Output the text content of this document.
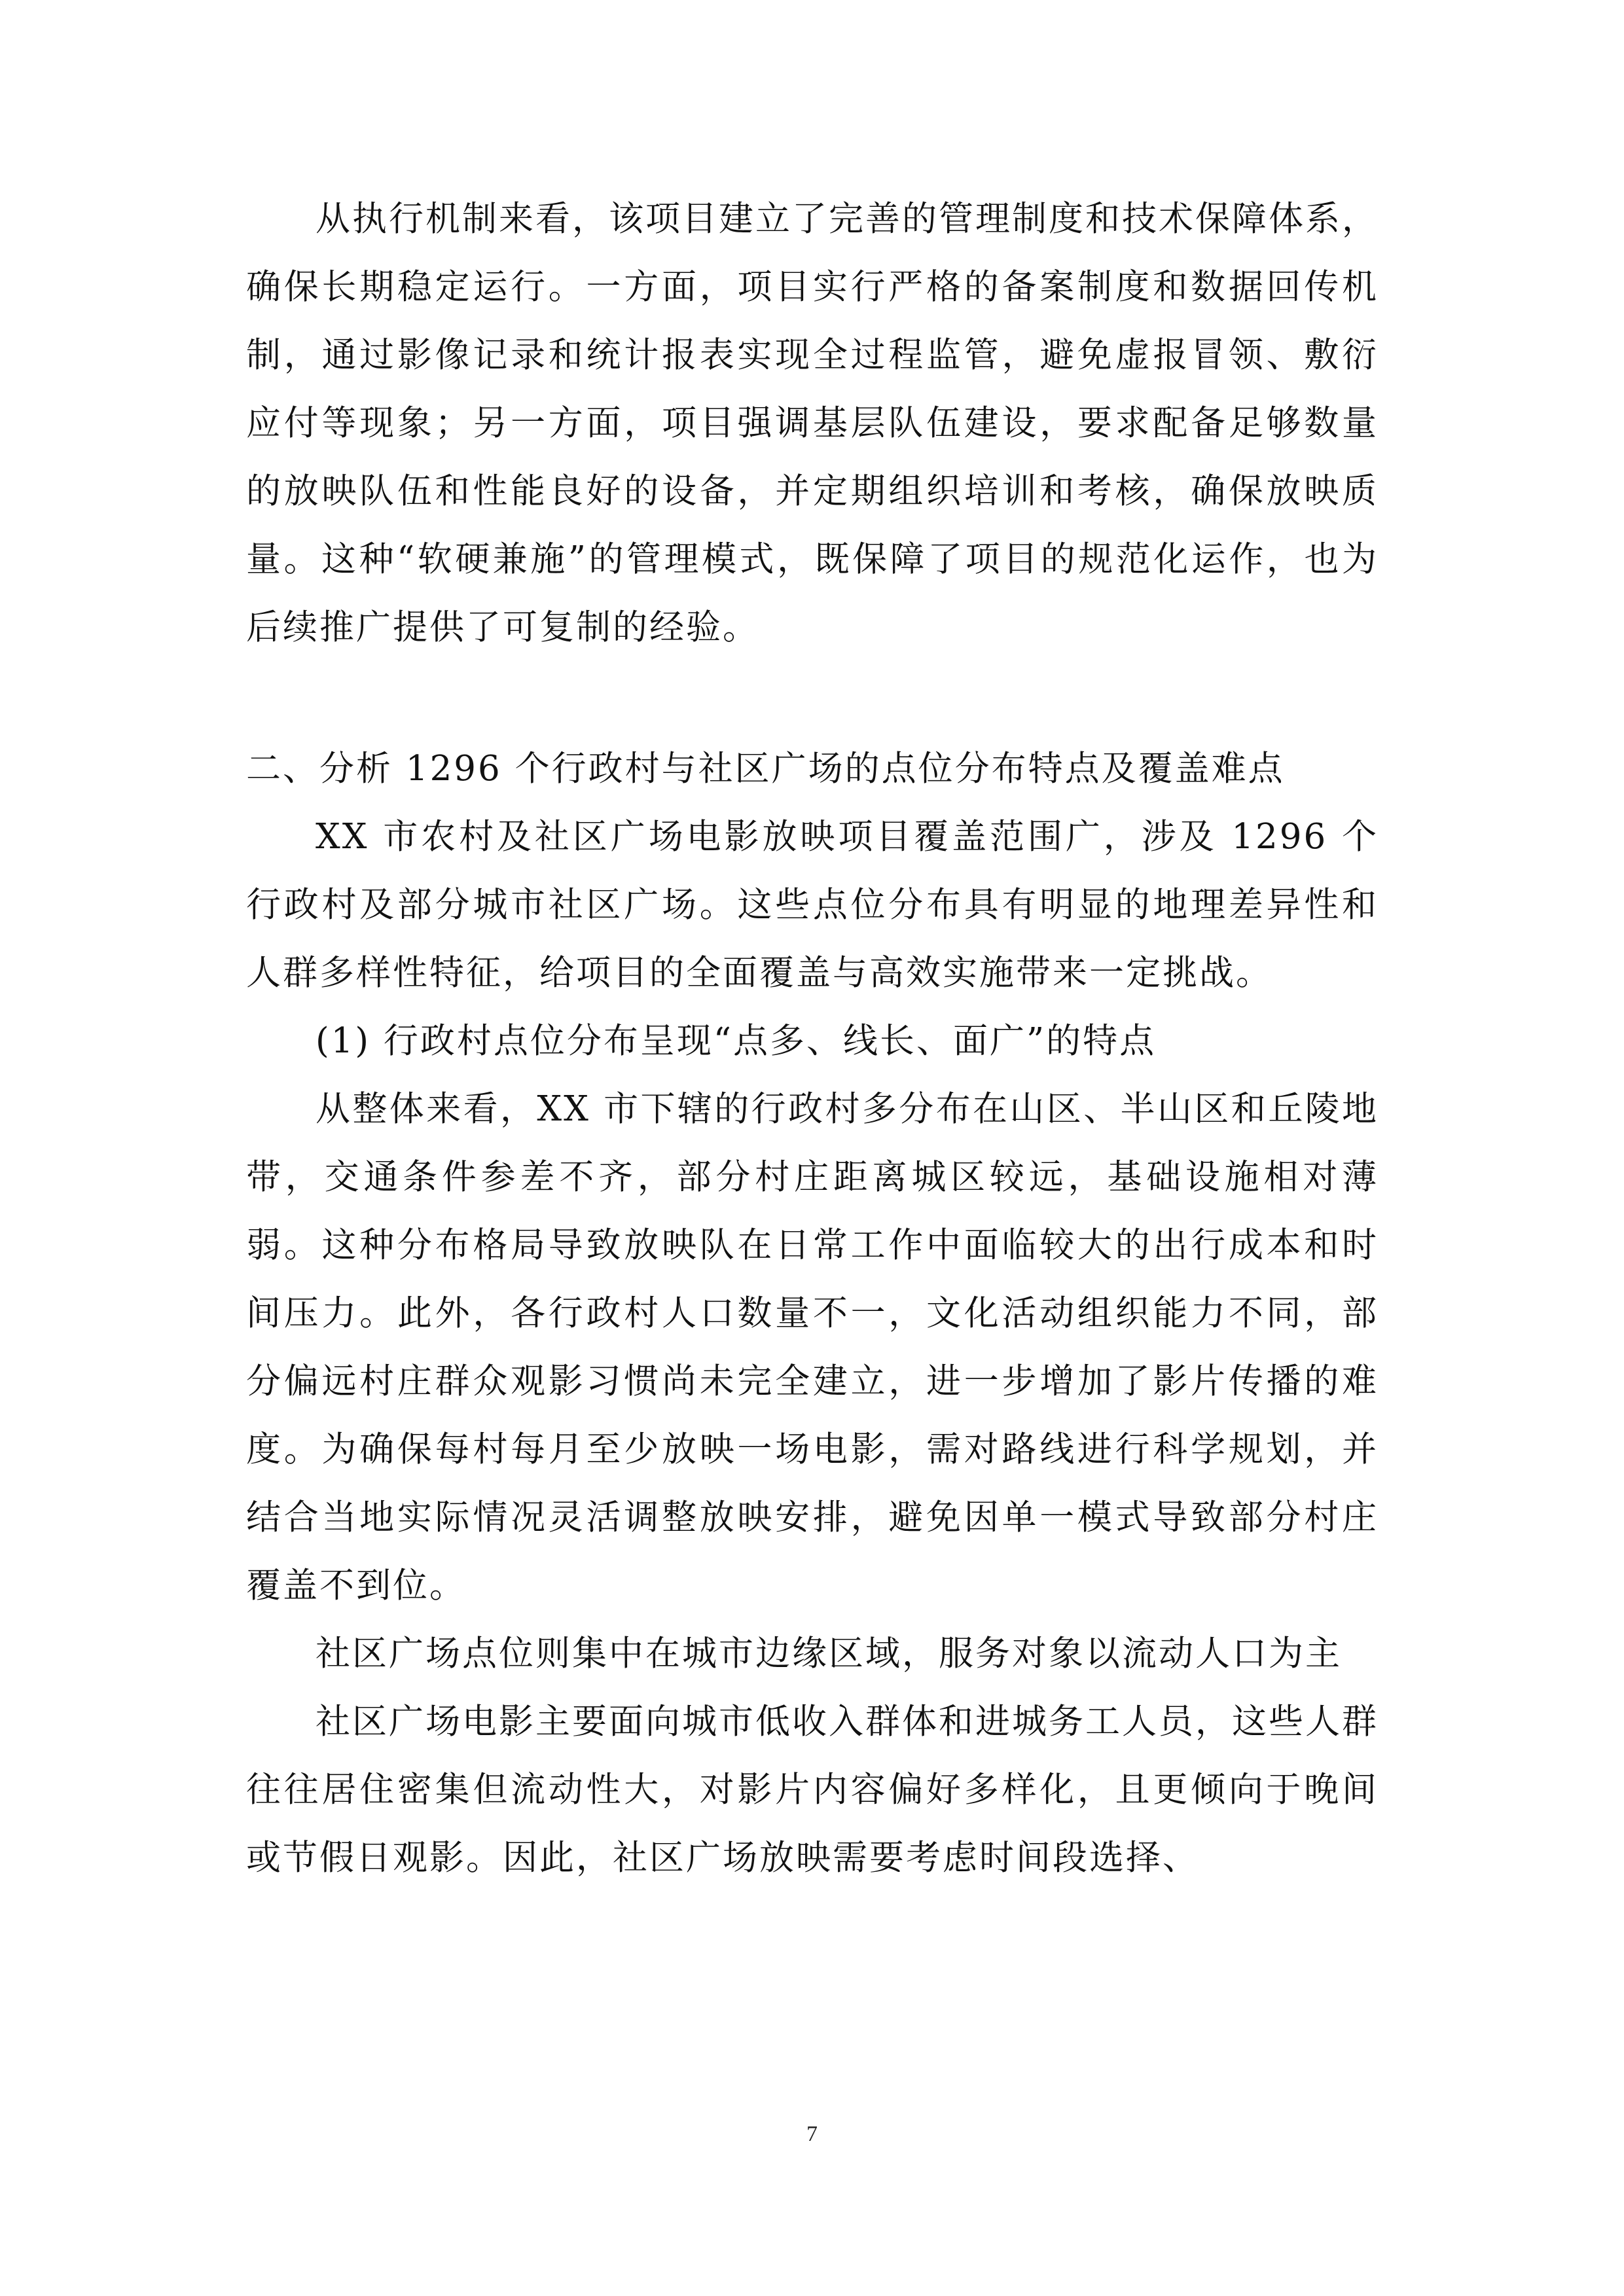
从执行机制来看，该项目建立了完善的管理制度和技术保障体系，确保长期稳定运行。一方面，项目实行严格的备案制度和数据回传机制，通过影像记录和统计报表实现全过程监管，避免虚报冒领、敷衍应付等现象；另一方面，项目强调基层队伍建设，要求配备足够数量的放映队伍和性能良好的设备，并定期组织培训和考核，确保放映质量。这种“软硬兼施”的管理模式，既保障了项目的规范化运作，也为后续推广提供了可复制的经验。

二、分析 1296 个行政村与社区广场的点位分布特点及覆盖难点

XX 市农村及社区广场电影放映项目覆盖范围广，涉及 1296 个行政村及部分城市社区广场。这些点位分布具有明显的地理差异性和人群多样性特征，给项目的全面覆盖与高效实施带来一定挑战。

(1) 行政村点位分布呈现“点多、线长、面广”的特点

从整体来看，XX 市下辖的行政村多分布在山区、半山区和丘陵地带，交通条件参差不齐，部分村庄距离城区较远，基础设施相对薄弱。这种分布格局导致放映队在日常工作中面临较大的出行成本和时间压力。此外，各行政村人口数量不一，文化活动组织能力不同，部分偏远村庄群众观影习惯尚未完全建立，进一步增加了影片传播的难度。为确保每村每月至少放映一场电影，需对路线进行科学规划，并结合当地实际情况灵活调整放映安排，避免因单一模式导致部分村庄覆盖不到位。

社区广场点位则集中在城市边缘区域，服务对象以流动人口为主

社区广场电影主要面向城市低收入群体和进城务工人员，这些人群往往居住密集但流动性大，对影片内容偏好多样化，且更倾向于晚间或节假日观影。因此，社区广场放映需要考虑时间段选择、

7
